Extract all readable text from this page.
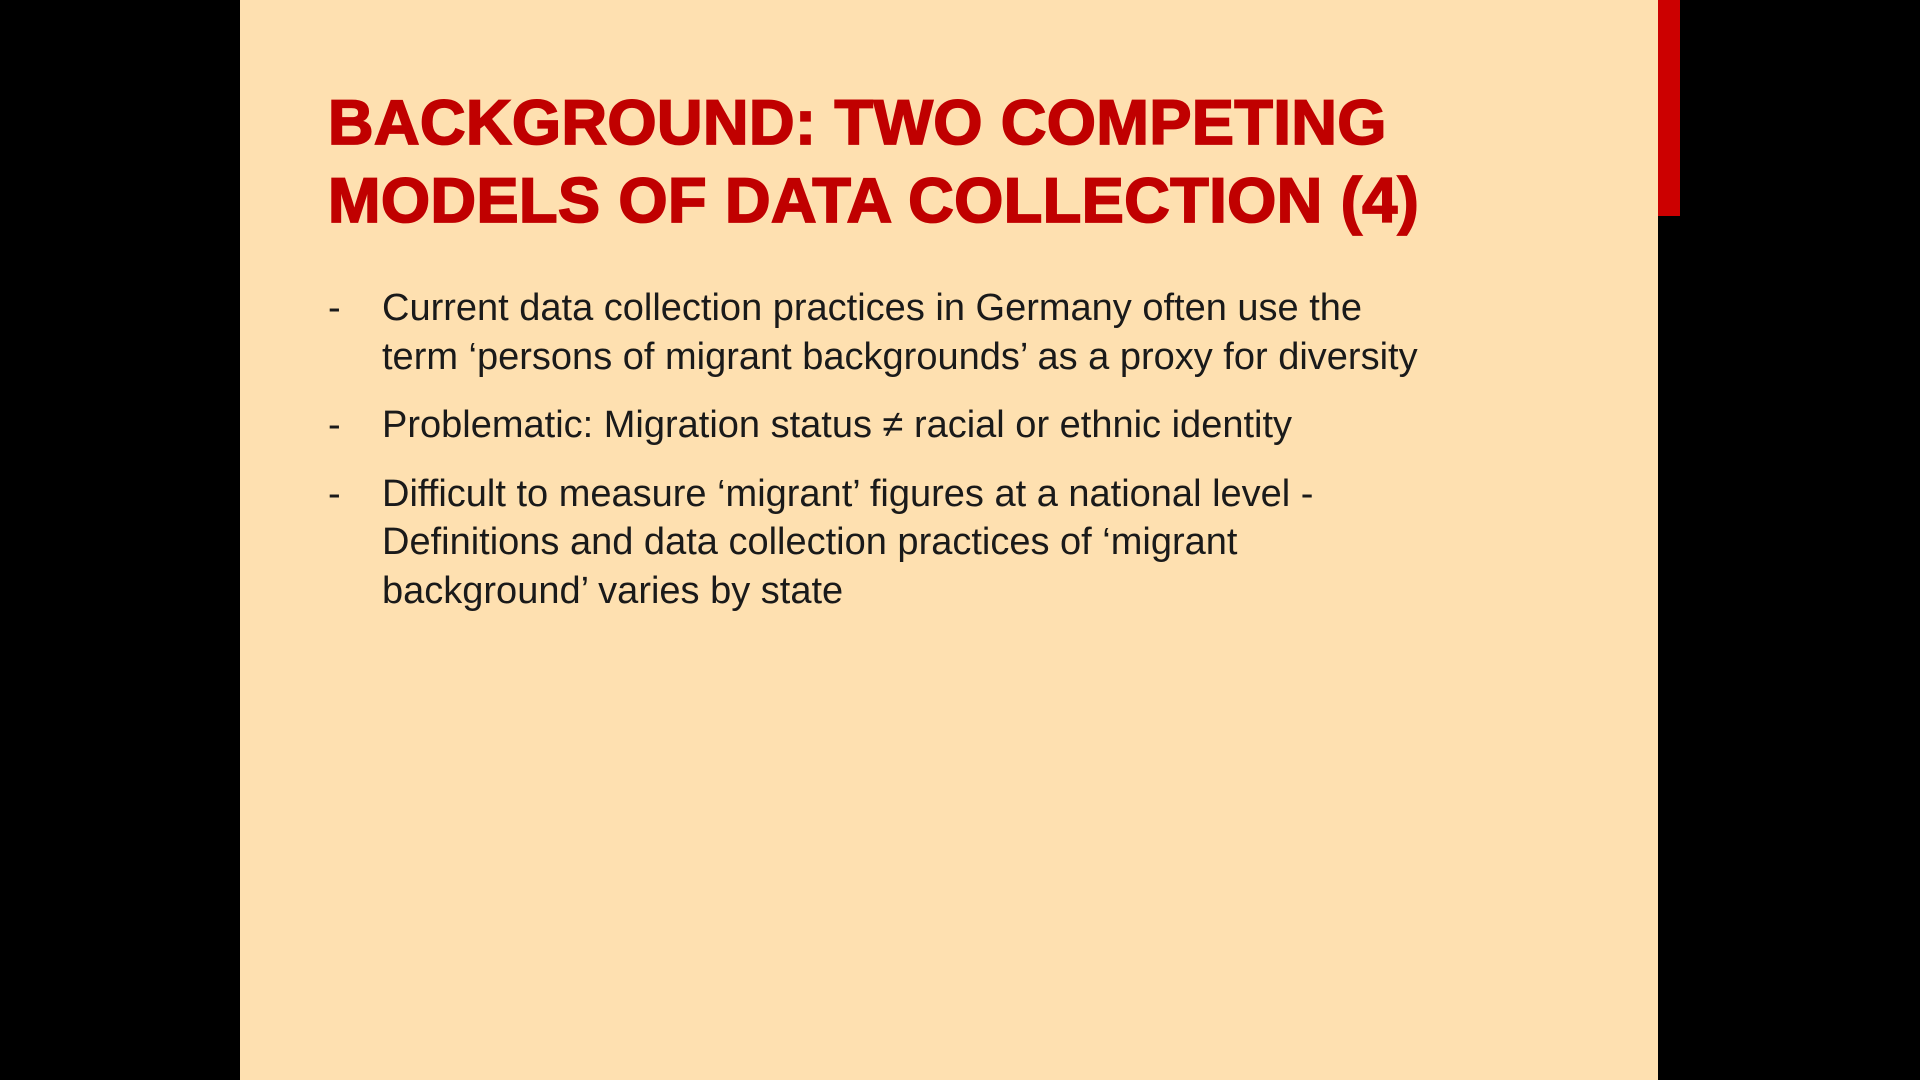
BACKGROUND: TWO COMPETING
MODELS OF DATA COLLECTION (4)
- Current data collection practices in Germany often use the
term ‘persons of migrant backgrounds’ as a proxy for diversity
- Problematic: Migration status ≠ racial or ethnic identity
- Difficult to measure ‘migrant’ figures at a national level -
Definitions and data collection practices of ‘migrant
background’ varies by state
